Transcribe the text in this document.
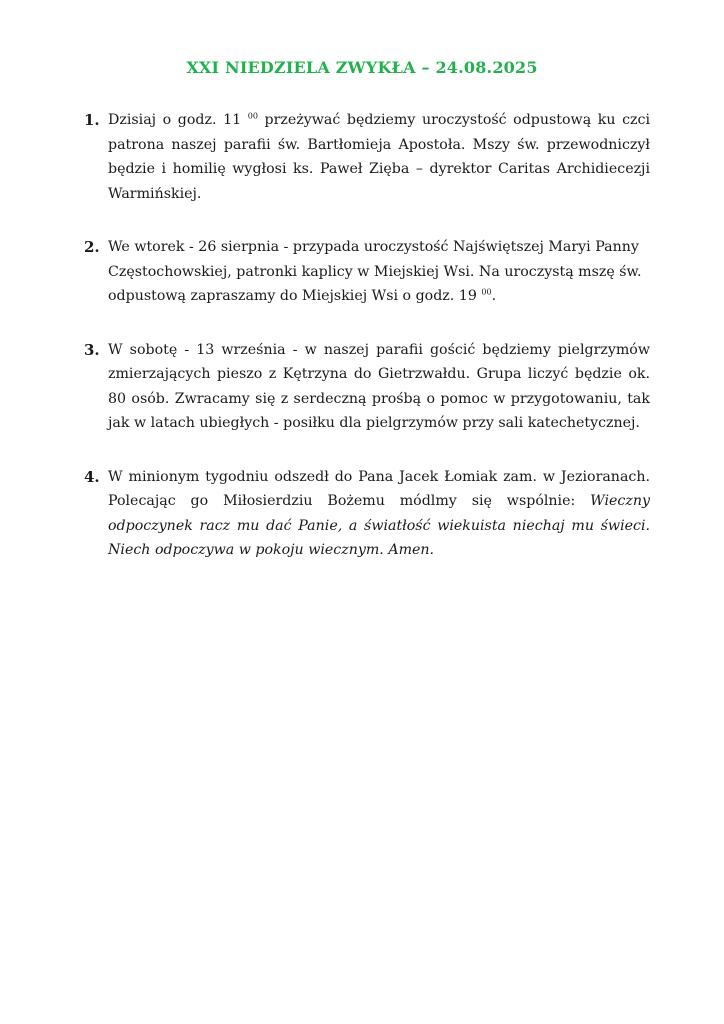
XXI NIEDZIELA ZWYKŁA – 24.08.2025
1. Dzisiaj o godz. 11 $^{00}$ przeżywać będziemy uroczystość odpustową ku czci patrona naszej parafii św. Bartłomieja Apostoła. Mszy św. przewodniczył będzie i homilię wygłosi ks. Paweł Zięba – dyrektor Caritas Archidiecezji Warmińskiej.
2. We wtorek - 26 sierpnia - przypada uroczystość Najświętszej Maryi Panny Częstochowskiej, patronki kaplicy w Miejskiej Wsi. Na uroczystą mszę św. odpustową zapraszamy do Miejskiej Wsi o godz. 19 $^{00}$.
3. W sobotę - 13 września - w naszej parafii gościć będziemy pielgrzymów zmierzających pieszo z Kętrzyna do Gietrzwałdu. Grupa liczyć będzie ok. 80 osób. Zwracamy się z serdeczną prośbą o pomoc w przygotowaniu, tak jak w latach ubiegłych - posiłku dla pielgrzymów przy sali katechetycznej.
4. W minionym tygodniu odszedł do Pana Jacek Łomiak zam. w Jezioranach. Polecając go Miłosierdziu Bożemu módlmy się wspólnie: Wieczny odpoczynek racz mu dać Panie, a światłość wiekuista niechaj mu świeci. Niech odpoczywa w pokoju wiecznym. Amen.
